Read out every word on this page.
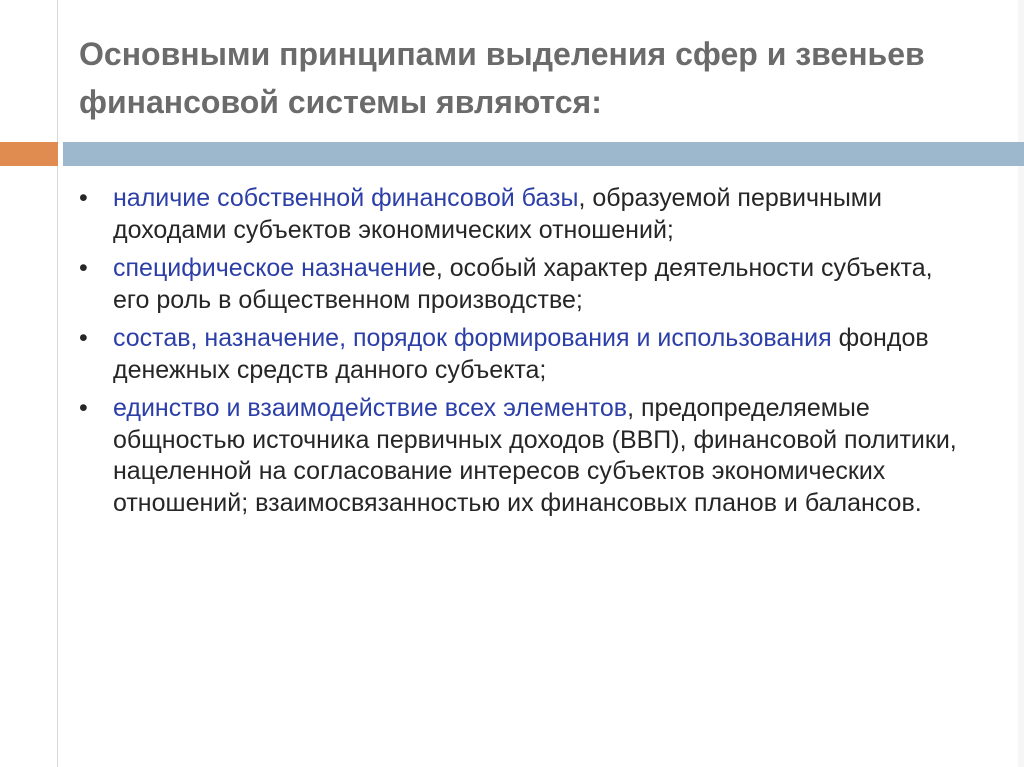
Основными принципами выделения сфер и звеньев финансовой системы являются:
•	наличие собственной финансовой базы, образуемой первичными доходами субъектов экономических отношений;
•	специфическое назначение, особый характер деятельности субъекта, его роль в общественном производстве;
•	состав, назначение, порядок формирования и использования фондов денежных средств данного субъекта;
•	единство и взаимодействие всех элементов, предопределяемые общностью источника первичных доходов (ВВП), финансовой политики, нацеленной на согласование интересов субъектов экономических отношений; взаимосвязанностью их финансовых планов и балансов.
